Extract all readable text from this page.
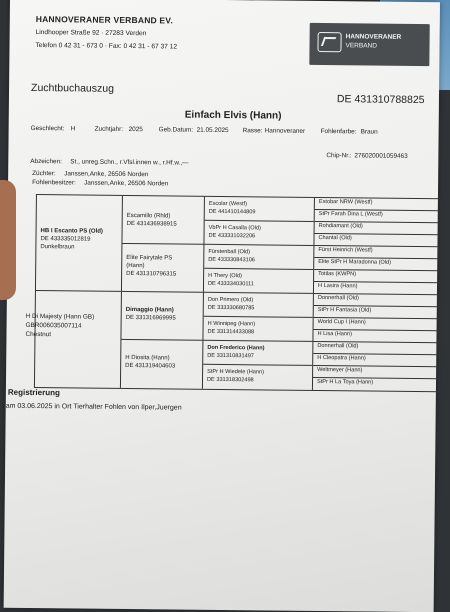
HANNOVERANER VERBAND EV.
Lindhooper Straße 92 · 27283 Verden
Telefon 0 42 31 - 673 0 · Fax: 0 42 31 - 67 37 12
HANNOVERANER
VERBAND
Zuchtbuchauszug
DE 431310788825
Einfach Elvis (Hann)
Geschlecht: H	Zuchtjahr: 2025 Geb.Datum: 21.05.2025 Rasse: Hannoveraner Fohlenfarbe: Braun
Chip-Nr.: 276020001059463
Abzeichen: St., unreg.Schn., r.Vfsl.innen w., r.Hf.w.,—
Züchter: Janssen,Anke, 26506 Norden
Fohlenbesitzer: Janssen,Anke, 26506 Norden
HB I Escanto PS (Old)
DE 433335012819
Dunkelbraun
H Di Majesty (Hann GB)
GBR006035007114
Chestnut
Escamillo (Rhld)
DE 431436938915
Elite Fairytale PS
(Hann)
DE 431310796315
Dimaggio (Hann)
DE 331316969995
H Diosita (Hann)
DE 431319404603
Escolar (Westf)
DE 441410144809
VbPr H Casalla (Old)
DE 433331032206
Fürstenball (Old)
DE 433330843106
H Thery (Old)
DE 433334030111
Don Primero (Old)
DE 333330680785
H Winnipeg (Hann)
DE 331314433088
Don Frederico (Hann)
DE 331310831497
StPr H Wiedele (Hann)
DE 331318302498
Estobar NRW (Westf)
StPr Farah Dina L (Westf)
Rohdiamant (Old)
Chantal (Old)
Fürst Heinrich (Westf)
Elite StPr H Maradonna (Old)
Totilas (KWPN)
H Lasira (Hann)
Donnerhall (Old)
StPr H Fantasia (Old)
World Cup I (Hann)
H Lisa (Hann)
Donnerhall (Old)
H Cleopatra (Hann)
Weltmeyer (Hann)
StPr H La Toya (Hann)
Registrierung
am 03.06.2025 in Ort Tierhalter Fohlen von Ilper,Juergen
